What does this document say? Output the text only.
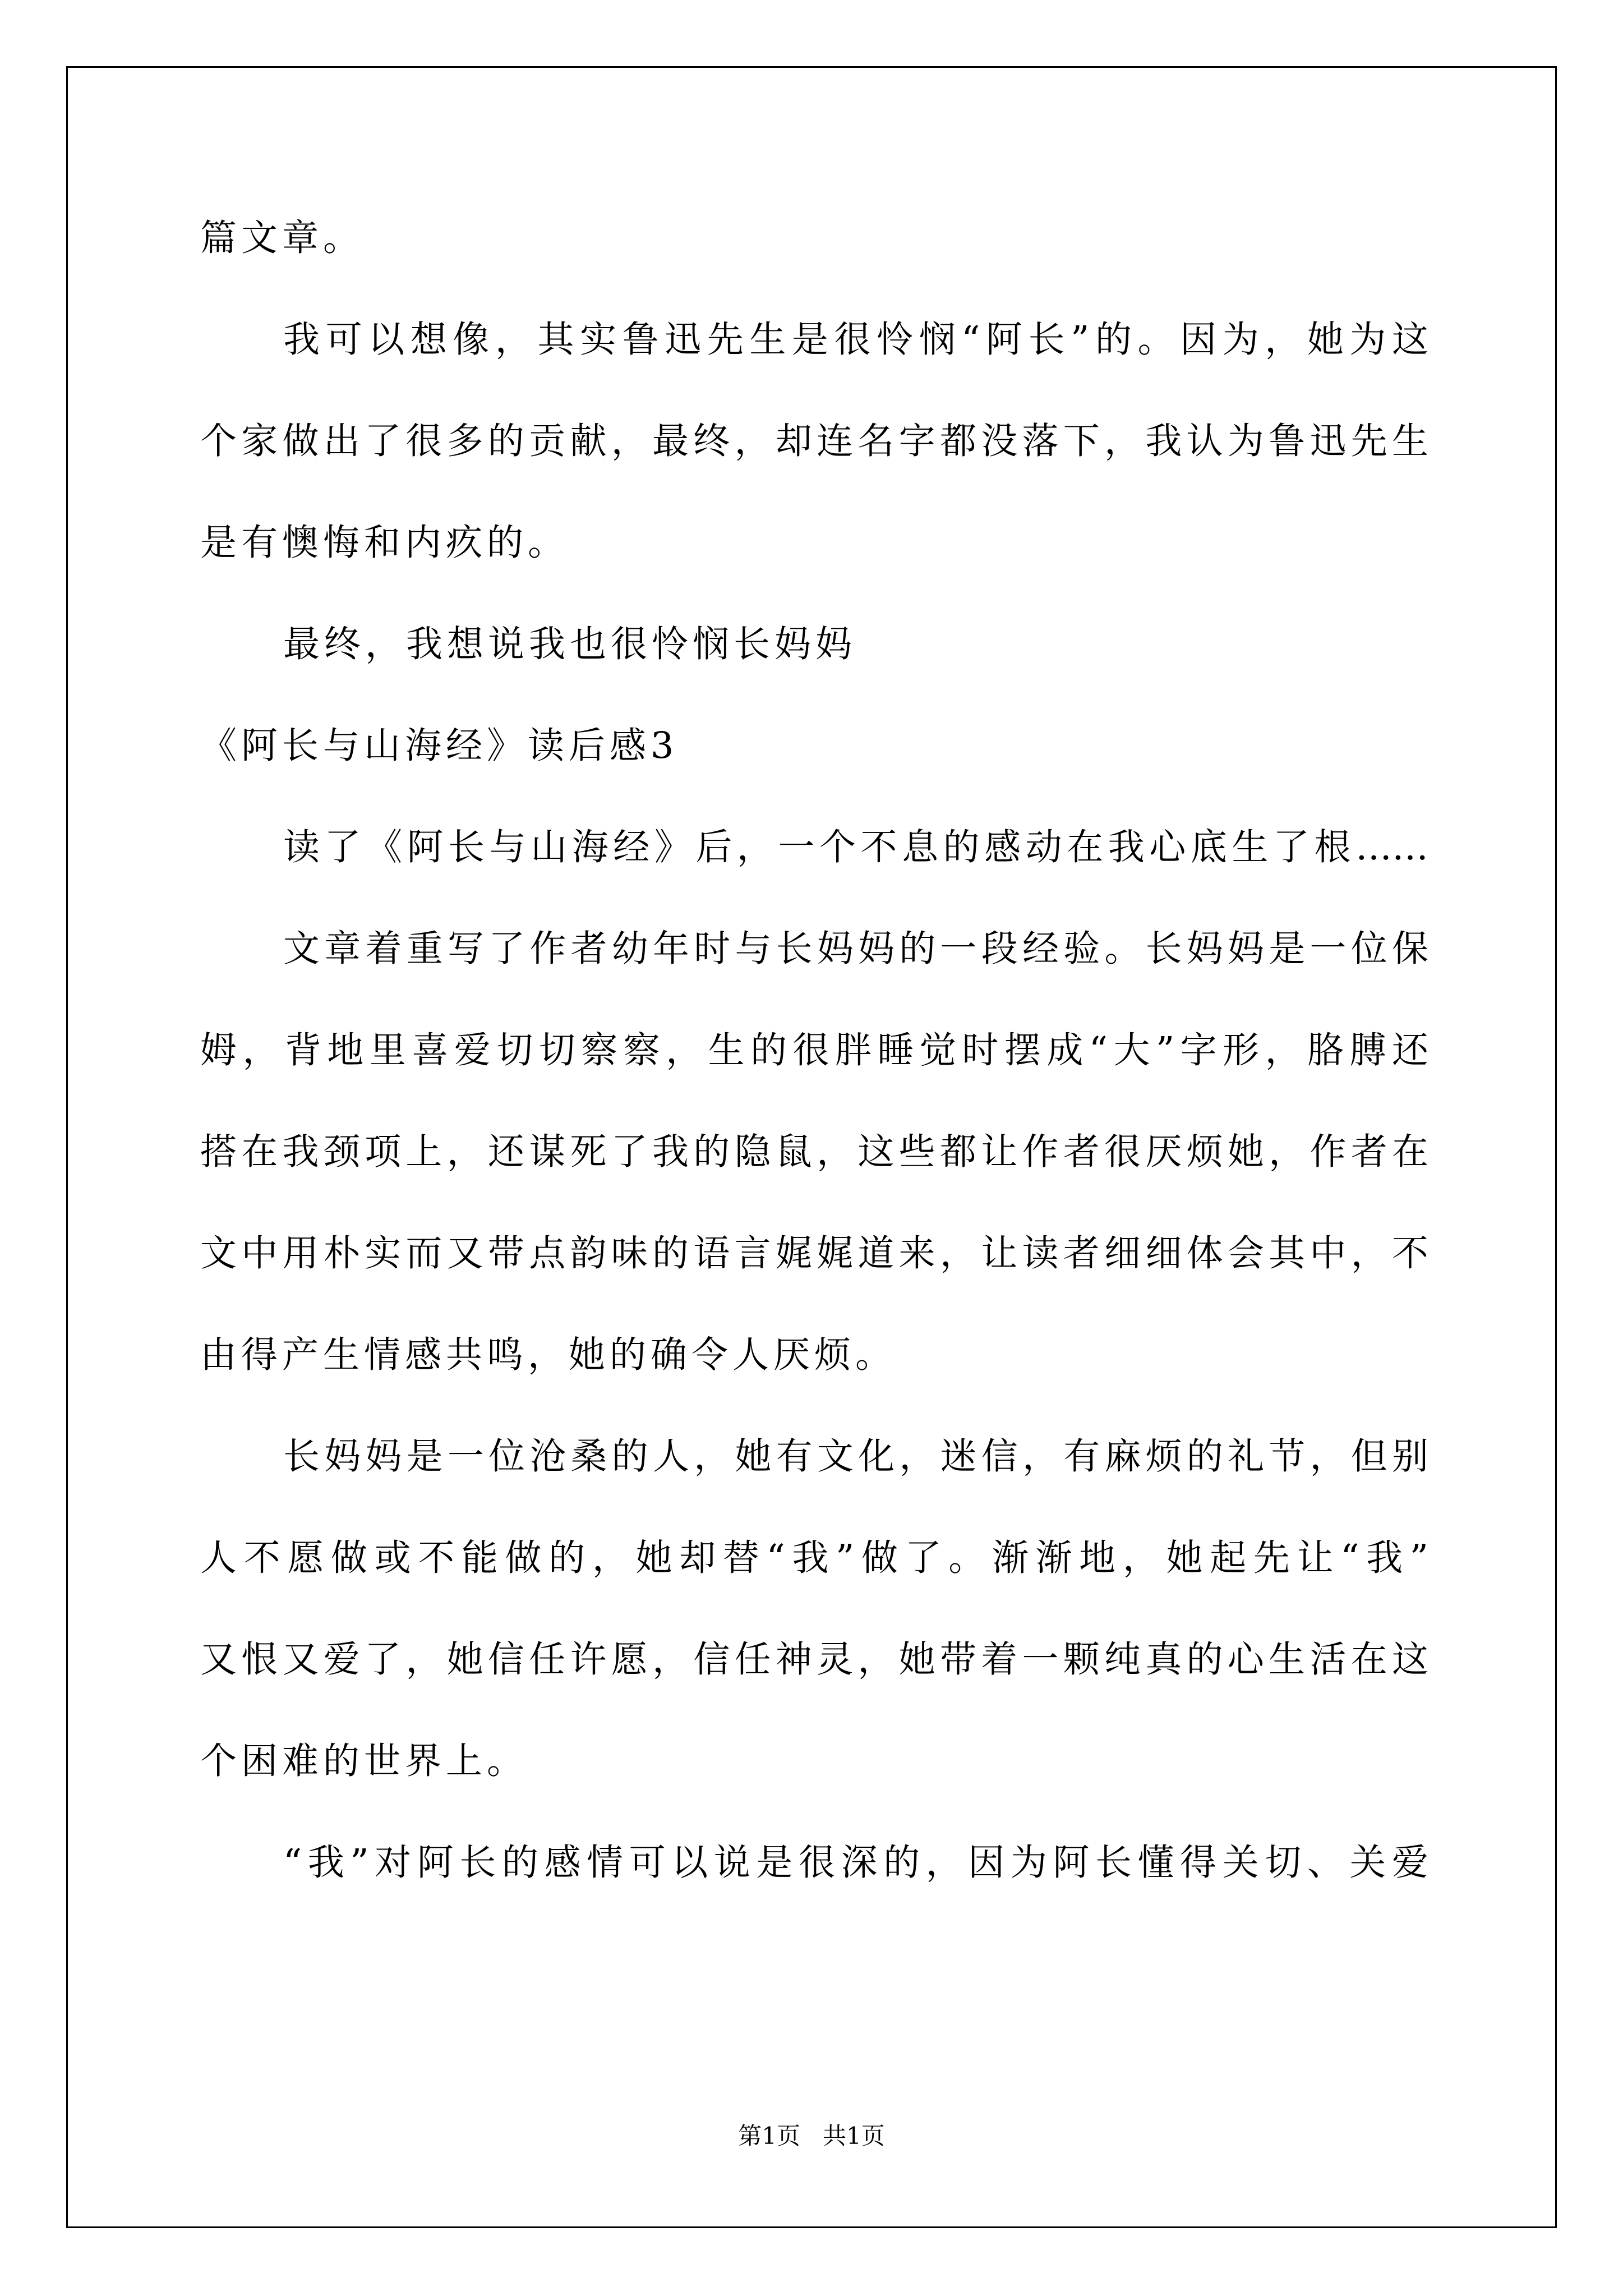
篇文章。
我可以想像，其实鲁迅先生是很怜悯“阿长”的。因为，她为这
个家做出了很多的贡献，最终，却连名字都没落下，我认为鲁迅先生
是有懊悔和内疚的。
最终，我想说我也很怜悯长妈妈
《阿长与山海经》读后感3
读了《阿长与山海经》后，一个不息的感动在我心底生了根……
文章着重写了作者幼年时与长妈妈的一段经验。长妈妈是一位保
姆，背地里喜爱切切察察，生的很胖睡觉时摆成“大”字形，胳膊还
搭在我颈项上，还谋死了我的隐鼠，这些都让作者很厌烦她，作者在
文中用朴实而又带点韵味的语言娓娓道来，让读者细细体会其中，不
由得产生情感共鸣，她的确令人厌烦。
长妈妈是一位沧桑的人，她有文化，迷信，有麻烦的礼节，但别
人不愿做或不能做的，她却替“我”做了。渐渐地，她起先让“我”
又恨又爱了，她信任许愿，信任神灵，她带着一颗纯真的心生活在这
个困难的世界上。
“我”对阿长的感情可以说是很深的，因为阿长懂得关切、关爱
第1页   共1页
